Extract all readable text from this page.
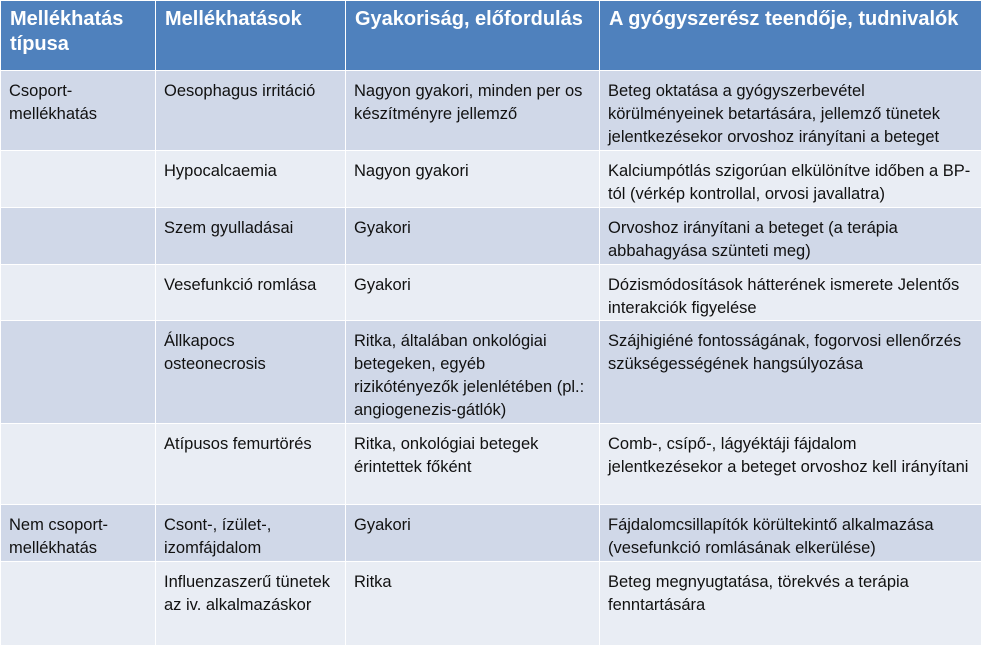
Mellékhatás típusa	Mellékhatások	Gyakoriság, előfordulás	A gyógyszerész teendője, tudnivalók
Csoport-mellékhatás	Oesophagus irritáció	Nagyon gyakori, minden per os készítményre jellemző	Beteg oktatása a gyógyszerbevétel körülményeinek betartására, jellemző tünetek jelentkezésekor orvoshoz irányítani a beteget
	Hypocalcaemia	Nagyon gyakori	Kalciumpótlás szigorúan elkülönítve időben a BP-tól (vérkép kontrollal, orvosi javallatra)
	Szem gyulladásai	Gyakori	Orvoshoz irányítani a beteget (a terápia abbahagyása szünteti meg)
	Vesefunkció romlása	Gyakori	Dózismódosítások hátterének ismerete Jelentős interakciók figyelése
	Állkapocs osteonecrosis	Ritka, általában onkológiai betegeken, egyéb rizikótényezők jelenlétében (pl.: angiogenezis-gátlók)	Szájhigiéné fontosságának, fogorvosi ellenőrzés szükségességének hangsúlyozása
	Atípusos femurtörés	Ritka, onkológiai betegek érintettek főként	Comb-, csípő-, lágyéktáji fájdalom jelentkezésekor a beteget orvoshoz kell irányítani
Nem csoport-mellékhatás	Csont-, ízület-, izomfájdalom	Gyakori	Fájdalomcsillapítók körültekintő alkalmazása (vesefunkció romlásának elkerülése)
	Influenzaszerű tünetek az iv. alkalmazáskor	Ritka	Beteg megnyugtatása, törekvés a terápia fenntartására
